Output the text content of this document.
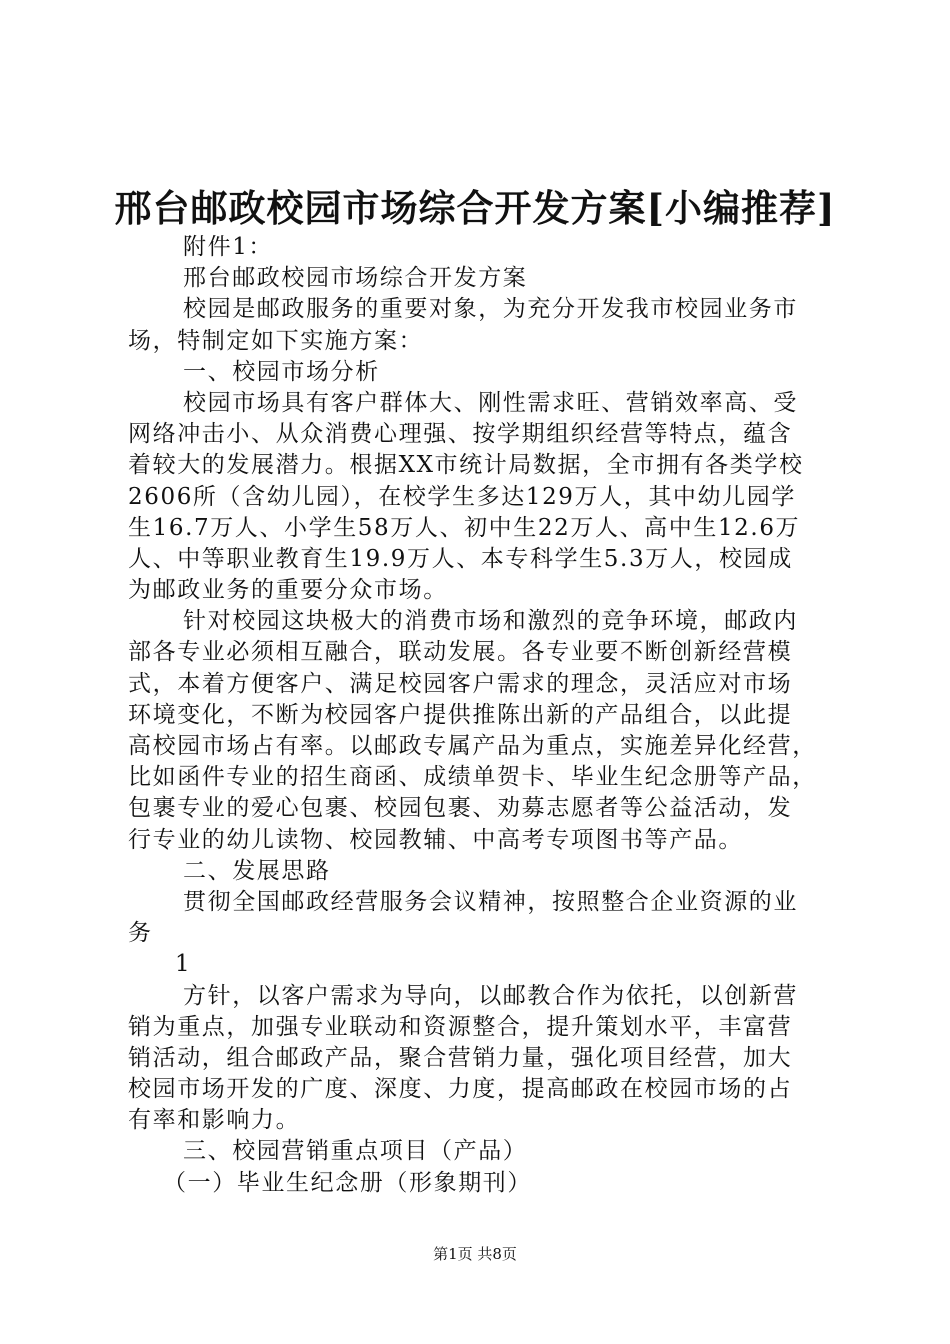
邢台邮政校园市场综合开发方案[小编推荐]
附件1：
邢台邮政校园市场综合开发方案
校园是邮政服务的重要对象，为充分开发我市校园业务市
场，特制定如下实施方案：
一、校园市场分析
校园市场具有客户群体大、刚性需求旺、营销效率高、受
网络冲击小、从众消费心理强、按学期组织经营等特点，蕴含
着较大的发展潜力。根据XX市统计局数据，全市拥有各类学校
2606所（含幼儿园），在校学生多达129万人，其中幼儿园学
生16.7万人、小学生58万人、初中生22万人、高中生12.6万
人、中等职业教育生19.9万人、本专科学生5.3万人，校园成
为邮政业务的重要分众市场。
针对校园这块极大的消费市场和激烈的竞争环境，邮政内
部各专业必须相互融合，联动发展。各专业要不断创新经营模
式，本着方便客户、满足校园客户需求的理念，灵活应对市场
环境变化，不断为校园客户提供推陈出新的产品组合，以此提
高校园市场占有率。以邮政专属产品为重点，实施差异化经营，
比如函件专业的招生商函、成绩单贺卡、毕业生纪念册等产品，
包裹专业的爱心包裹、校园包裹、劝募志愿者等公益活动，发
行专业的幼儿读物、校园教辅、中高考专项图书等产品。
二、发展思路
贯彻全国邮政经营服务会议精神，按照整合企业资源的业
务
1
方针，以客户需求为导向，以邮教合作为依托，以创新营
销为重点，加强专业联动和资源整合，提升策划水平，丰富营
销活动，组合邮政产品，聚合营销力量，强化项目经营，加大
校园市场开发的广度、深度、力度，提高邮政在校园市场的占
有率和影响力。
三、校园营销重点项目（产品）
（一）毕业生纪念册（形象期刊）
第1页 共8页
